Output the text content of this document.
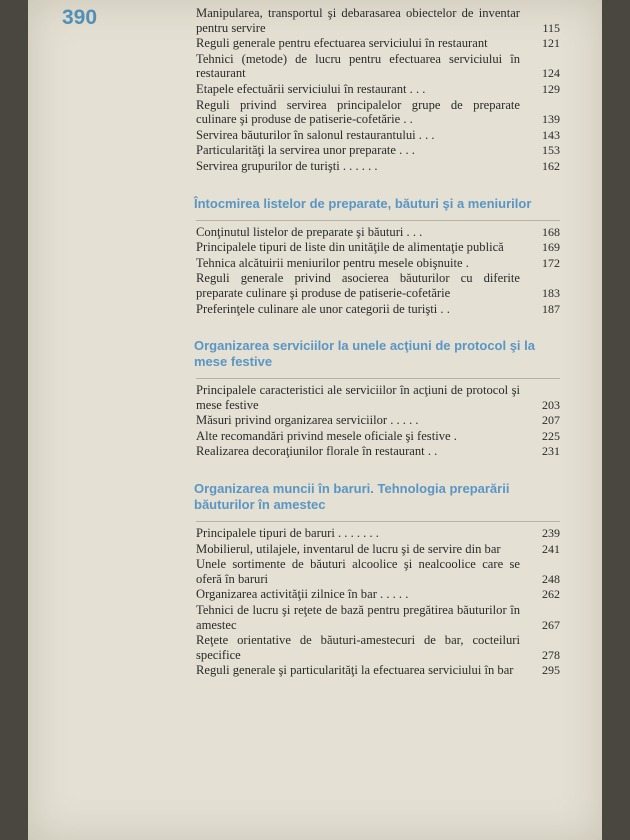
390	Manipularea, transportul şi debarasarea obiectelor de inventar pentru servire	115
Reguli generale pentru efectuarea serviciului în restaurant	121
Tehnici (metode) de lucru pentru efectuarea serviciului în restaurant	124
Etapele efectuării serviciului în restaurant . . .	129
Reguli privind servirea principalelor grupe de preparate culinare şi produse de patiserie-cofetărie . .	139
Servirea băuturilor în salonul restaurantului . . .	143
Particularităţi la servirea unor preparate . . .	153
Servirea grupurilor de turişti . . . . . .	162
Întocmirea listelor de preparate, băuturi şi a meniurilor
Conţinutul listelor de preparate şi băuturi . . .	168
Principalele tipuri de liste din unităţile de alimentaţie publică	169
Tehnica alcătuirii meniurilor pentru mesele obişnuite .	172
Reguli generale privind asocierea băuturilor cu diferite preparate culinare şi produse de patiserie-cofetărie	183
Preferinţele culinare ale unor categorii de turişti . .	187
Organizarea serviciilor la unele acţiuni de protocol şi la mese festive
Principalele caracteristici ale serviciilor în acţiuni de protocol şi mese festive	203
Măsuri privind organizarea serviciilor . . . . .	207
Alte recomandări privind mesele oficiale şi festive .	225
Realizarea decoraţiunilor florale în restaurant . .	231
Organizarea muncii în baruri. Tehnologia preparării băuturilor în amestec
Principalele tipuri de baruri . . . . . . .	239
Mobilierul, utilajele, inventarul de lucru şi de servire din bar	241
Unele sortimente de băuturi alcoolice şi nealcoolice care se oferă în baruri	248
Organizarea activităţii zilnice în bar . . . . .	262
Tehnici de lucru şi reţete de bază pentru pregătirea băuturilor în amestec	267
Reţete orientative de băuturi-amestecuri de bar, cocteiluri specifice	278
Reguli generale şi particularităţi la efectuarea serviciului în bar	295
